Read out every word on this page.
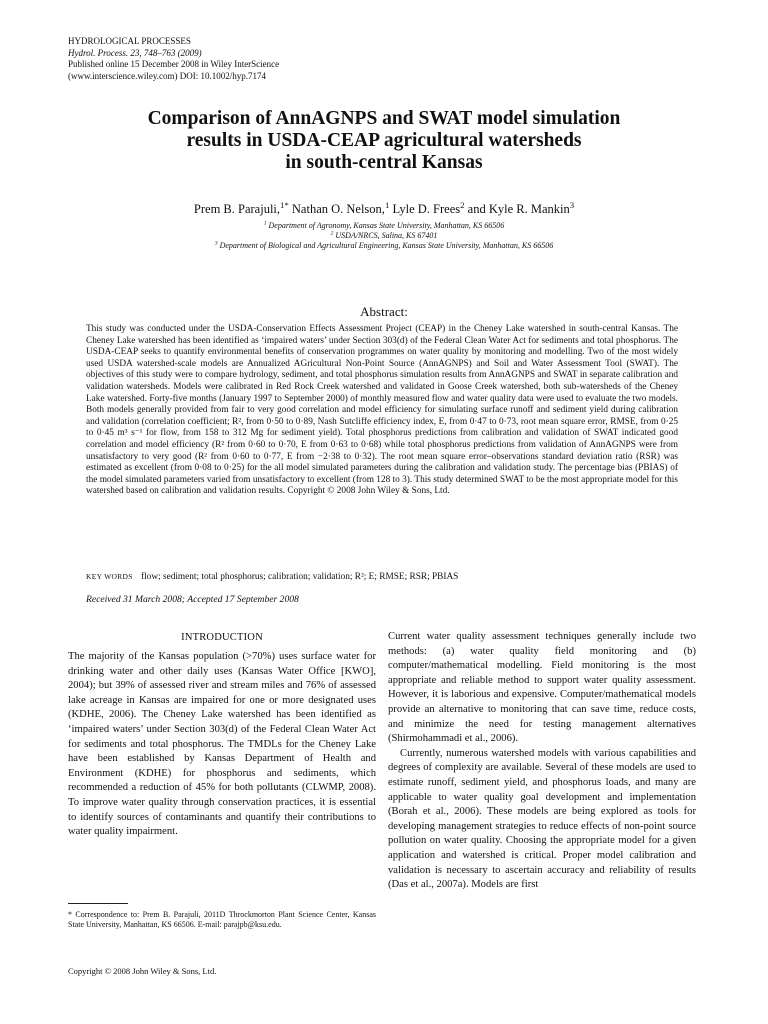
HYDROLOGICAL PROCESSES
Hydrol. Process. 23, 748–763 (2009)
Published online 15 December 2008 in Wiley InterScience
(www.interscience.wiley.com) DOI: 10.1002/hyp.7174
Comparison of AnnAGNPS and SWAT model simulation
results in USDA-CEAP agricultural watersheds
in south-central Kansas
Prem B. Parajuli,$^{1*}$ Nathan O. Nelson,$^1$ Lyle D. Frees$^2$ and Kyle R. Mankin$^3$
$^1$ Department of Agronomy, Kansas State University, Manhattan, KS 66506
$^2$ USDA/NRCS, Salina, KS 67401
$^3$ Department of Biological and Agricultural Engineering, Kansas State University, Manhattan, KS 66506
Abstract:

This study was conducted under the USDA-Conservation Effects Assessment Project (CEAP) in the Cheney Lake watershed in south-central Kansas. The Cheney Lake watershed has been identified as ‘impaired waters’ under Section 303(d) of the Federal Clean Water Act for sediments and total phosphorus. The USDA-CEAP seeks to quantify environmental benefits of conservation programmes on water quality by monitoring and modelling. Two of the most widely used USDA watershed-scale models are Annualized AGricultural Non-Point Source (AnnAGNPS) and Soil and Water Assessment Tool (SWAT). The objectives of this study were to compare hydrology, sediment, and total phosphorus simulation results from AnnAGNPS and SWAT in separate calibration and validation watersheds. Models were calibrated in Red Rock Creek watershed and validated in Goose Creek watershed, both sub-watersheds of the Cheney Lake watershed. Forty-five months (January 1997 to September 2000) of monthly measured flow and water quality data were used to evaluate the two models. Both models generally provided from fair to very good correlation and model efficiency for simulating surface runoff and sediment yield during calibration and validation (correlation coefficient; R², from 0·50 to 0·89, Nash Sutcliffe efficiency index, E, from 0·47 to 0·73, root mean square error, RMSE, from 0·25 to 0·45 m³ s⁻¹ for flow, from 158 to 312 Mg for sediment yield). Total phosphorus predictions from calibration and validation of SWAT indicated good correlation and model efficiency (R² from 0·60 to 0·70, E from 0·63 to 0·68) while total phosphorus predictions from validation of AnnAGNPS were from unsatisfactory to very good (R² from 0·60 to 0·77, E from −2·38 to 0·32). The root mean square error–observations standard deviation ratio (RSR) was estimated as excellent (from 0·08 to 0·25) for the all model simulated parameters during the calibration and validation study. The percentage bias (PBIAS) of the model simulated parameters varied from unsatisfactory to excellent (from 128 to 3). This study determined SWAT to be the most appropriate model for this watershed based on calibration and validation results. Copyright © 2008 John Wiley & Sons, Ltd.

KEY WORDS flow; sediment; total phosphorus; calibration; validation; R²; E; RMSE; RSR; PBIAS
Received 31 March 2008; Accepted 17 September 2008
INTRODUCTION

The majority of the Kansas population (>70%) uses surface water for drinking water and other daily uses (Kansas Water Office [KWO], 2004); but 39% of assessed river and stream miles and 76% of assessed lake acreage in Kansas are impaired for one or more designated uses (KDHE, 2006). The Cheney Lake watershed has been identified as ‘impaired waters’ under Section 303(d) of the Federal Clean Water Act for sediments and total phosphorus. The TMDLs for the Cheney Lake have been established by Kansas Department of Health and Environment (KDHE) for phosphorus and sediments, which recommended a reduction of 45% for both pollutants (CLWMP, 2008). To improve water quality through conservation practices, it is essential to identify sources of contaminants and quantify their contributions to water quality impairment.

Current water quality assessment techniques generally include two methods: (a) water quality field monitoring and (b) computer/mathematical modelling. Field monitoring is the most appropriate and reliable method to support water quality assessment. However, it is laborious and expensive. Computer/mathematical models provide an alternative to monitoring that can save time, reduce costs, and minimize the need for testing management alternatives (Shirmohammadi et al., 2006).

Currently, numerous watershed models with various capabilities and degrees of complexity are available. Several of these models are used to estimate runoff, sediment yield, and phosphorus loads, and many are applicable to water quality goal development and implementation (Borah et al., 2006). These models are being explored as tools for developing management strategies to reduce effects of non-point source pollution on water quality. Choosing the appropriate model for a given application and watershed is critical. Proper model calibration and validation is necessary to ascertain accuracy and reliability of results (Das et al., 2007a). Models are first

* Correspondence to: Prem B. Parajuli, 2011D Throckmorton Plant Science Center, Kansas State University, Manhattan, KS 66506. E-mail: parajpb@ksu.edu.

Copyright © 2008 John Wiley & Sons, Ltd.
